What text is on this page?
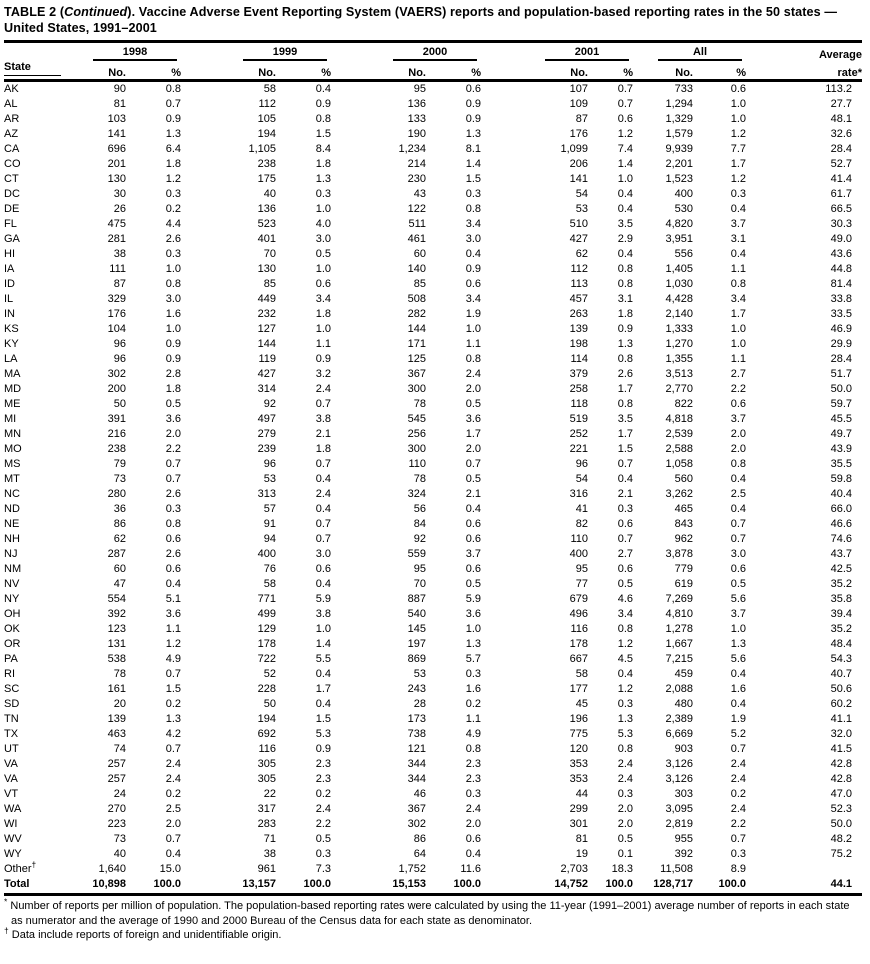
TABLE 2 (Continued). Vaccine Adverse Event Reporting System (VAERS) reports and population-based reporting rates in the 50 states — United States, 1991–2001

	1998		1999		2000		2001		All		Average
State	No.	%	No.	%	No.	%	No.	%	No.	%	rate*
AK	90	0.8	58	0.4	95	0.6	107	0.7	733	0.6	113.2
AL	81	0.7	112	0.9	136	0.9	109	0.7	1,294	1.0	27.7
AR	103	0.9	105	0.8	133	0.9	87	0.6	1,329	1.0	48.1
AZ	141	1.3	194	1.5	190	1.3	176	1.2	1,579	1.2	32.6
CA	696	6.4	1,105	8.4	1,234	8.1	1,099	7.4	9,939	7.7	28.4
CO	201	1.8	238	1.8	214	1.4	206	1.4	2,201	1.7	52.7
CT	130	1.2	175	1.3	230	1.5	141	1.0	1,523	1.2	41.4
DC	30	0.3	40	0.3	43	0.3	54	0.4	400	0.3	61.7
DE	26	0.2	136	1.0	122	0.8	53	0.4	530	0.4	66.5
FL	475	4.4	523	4.0	511	3.4	510	3.5	4,820	3.7	30.3
GA	281	2.6	401	3.0	461	3.0	427	2.9	3,951	3.1	49.0
HI	38	0.3	70	0.5	60	0.4	62	0.4	556	0.4	43.6
IA	111	1.0	130	1.0	140	0.9	112	0.8	1,405	1.1	44.8
ID	87	0.8	85	0.6	85	0.6	113	0.8	1,030	0.8	81.4
IL	329	3.0	449	3.4	508	3.4	457	3.1	4,428	3.4	33.8
IN	176	1.6	232	1.8	282	1.9	263	1.8	2,140	1.7	33.5
KS	104	1.0	127	1.0	144	1.0	139	0.9	1,333	1.0	46.9
KY	96	0.9	144	1.1	171	1.1	198	1.3	1,270	1.0	29.9
LA	96	0.9	119	0.9	125	0.8	114	0.8	1,355	1.1	28.4
MA	302	2.8	427	3.2	367	2.4	379	2.6	3,513	2.7	51.7
MD	200	1.8	314	2.4	300	2.0	258	1.7	2,770	2.2	50.0
ME	50	0.5	92	0.7	78	0.5	118	0.8	822	0.6	59.7
MI	391	3.6	497	3.8	545	3.6	519	3.5	4,818	3.7	45.5
MN	216	2.0	279	2.1	256	1.7	252	1.7	2,539	2.0	49.7
MO	238	2.2	239	1.8	300	2.0	221	1.5	2,588	2.0	43.9
MS	79	0.7	96	0.7	110	0.7	96	0.7	1,058	0.8	35.5
MT	73	0.7	53	0.4	78	0.5	54	0.4	560	0.4	59.8
NC	280	2.6	313	2.4	324	2.1	316	2.1	3,262	2.5	40.4
ND	36	0.3	57	0.4	56	0.4	41	0.3	465	0.4	66.0
NE	86	0.8	91	0.7	84	0.6	82	0.6	843	0.7	46.6
NH	62	0.6	94	0.7	92	0.6	110	0.7	962	0.7	74.6
NJ	287	2.6	400	3.0	559	3.7	400	2.7	3,878	3.0	43.7
NM	60	0.6	76	0.6	95	0.6	95	0.6	779	0.6	42.5
NV	47	0.4	58	0.4	70	0.5	77	0.5	619	0.5	35.2
NY	554	5.1	771	5.9	887	5.9	679	4.6	7,269	5.6	35.8
OH	392	3.6	499	3.8	540	3.6	496	3.4	4,810	3.7	39.4
OK	123	1.1	129	1.0	145	1.0	116	0.8	1,278	1.0	35.2
OR	131	1.2	178	1.4	197	1.3	178	1.2	1,667	1.3	48.4
PA	538	4.9	722	5.5	869	5.7	667	4.5	7,215	5.6	54.3
RI	78	0.7	52	0.4	53	0.3	58	0.4	459	0.4	40.7
SC	161	1.5	228	1.7	243	1.6	177	1.2	2,088	1.6	50.6
SD	20	0.2	50	0.4	28	0.2	45	0.3	480	0.4	60.2
TN	139	1.3	194	1.5	173	1.1	196	1.3	2,389	1.9	41.1
TX	463	4.2	692	5.3	738	4.9	775	5.3	6,669	5.2	32.0
UT	74	0.7	116	0.9	121	0.8	120	0.8	903	0.7	41.5
VA	257	2.4	305	2.3	344	2.3	353	2.4	3,126	2.4	42.8
VA	257	2.4	305	2.3	344	2.3	353	2.4	3,126	2.4	42.8
VT	24	0.2	22	0.2	46	0.3	44	0.3	303	0.2	47.0
WA	270	2.5	317	2.4	367	2.4	299	2.0	3,095	2.4	52.3
WI	223	2.0	283	2.2	302	2.0	301	2.0	2,819	2.2	50.0
WV	73	0.7	71	0.5	86	0.6	81	0.5	955	0.7	48.2
WY	40	0.4	38	0.3	64	0.4	19	0.1	392	0.3	75.2
Other†	1,640	15.0	961	7.3	1,752	11.6	2,703	18.3	11,508	8.9	
Total	10,898	100.0	13,157	100.0	15,153	100.0	14,752	100.0	128,717	100.0	44.1

* Number of reports per million of population. The population-based reporting rates were calculated by using the 11-year (1991–2001) average number of reports in each state as numerator and the average of 1990 and 2000 Bureau of the Census data for each state as denominator.

† Data include reports of foreign and unidentifiable origin.
